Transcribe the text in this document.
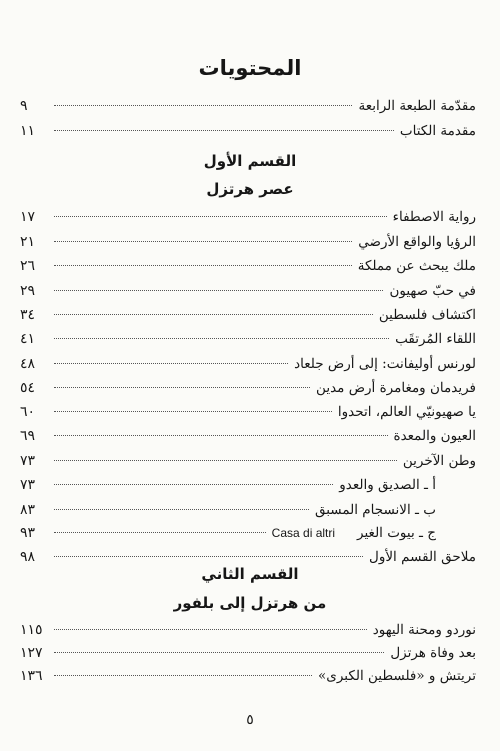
المحتويات
مقدّمة الطبعة الرابعة
٩
مقدمة الكتاب
١١
القسم الأول
عصر هرتزل
رواية الاصطفاء
١٧
الرؤيا والواقع الأرضي
٢١
ملك يبحث عن مملكة
٢٦
في حبّ صهيون
٢٩
اكتشاف فلسطين
٣٤
اللقاء المُرتقَب
٤١
لورنس أوليفانت: إلى أرض جلعاد
٤٨
فريدمان ومغامرة أرض مدين
٥٤
يا صهيونيّي العالم، اتحدوا
٦٠
العيون والمعدة
٦٩
وطن الآخرين
٧٣
أ ـ الصديق والعدو
٧٣
ب ـ الانسجام المسبق
٨٣
ج ـ بيوت الغير
Casa di altri
٩٣
ملاحق القسم الأول
٩٨
القسم الثاني
من هرتزل إلى بلفور
نوردو ومحنة اليهود
١١٥
بعد وفاة هرتزل
١٢٧
تريتش و «فلسطين الكبرى»
١٣٦
٥
